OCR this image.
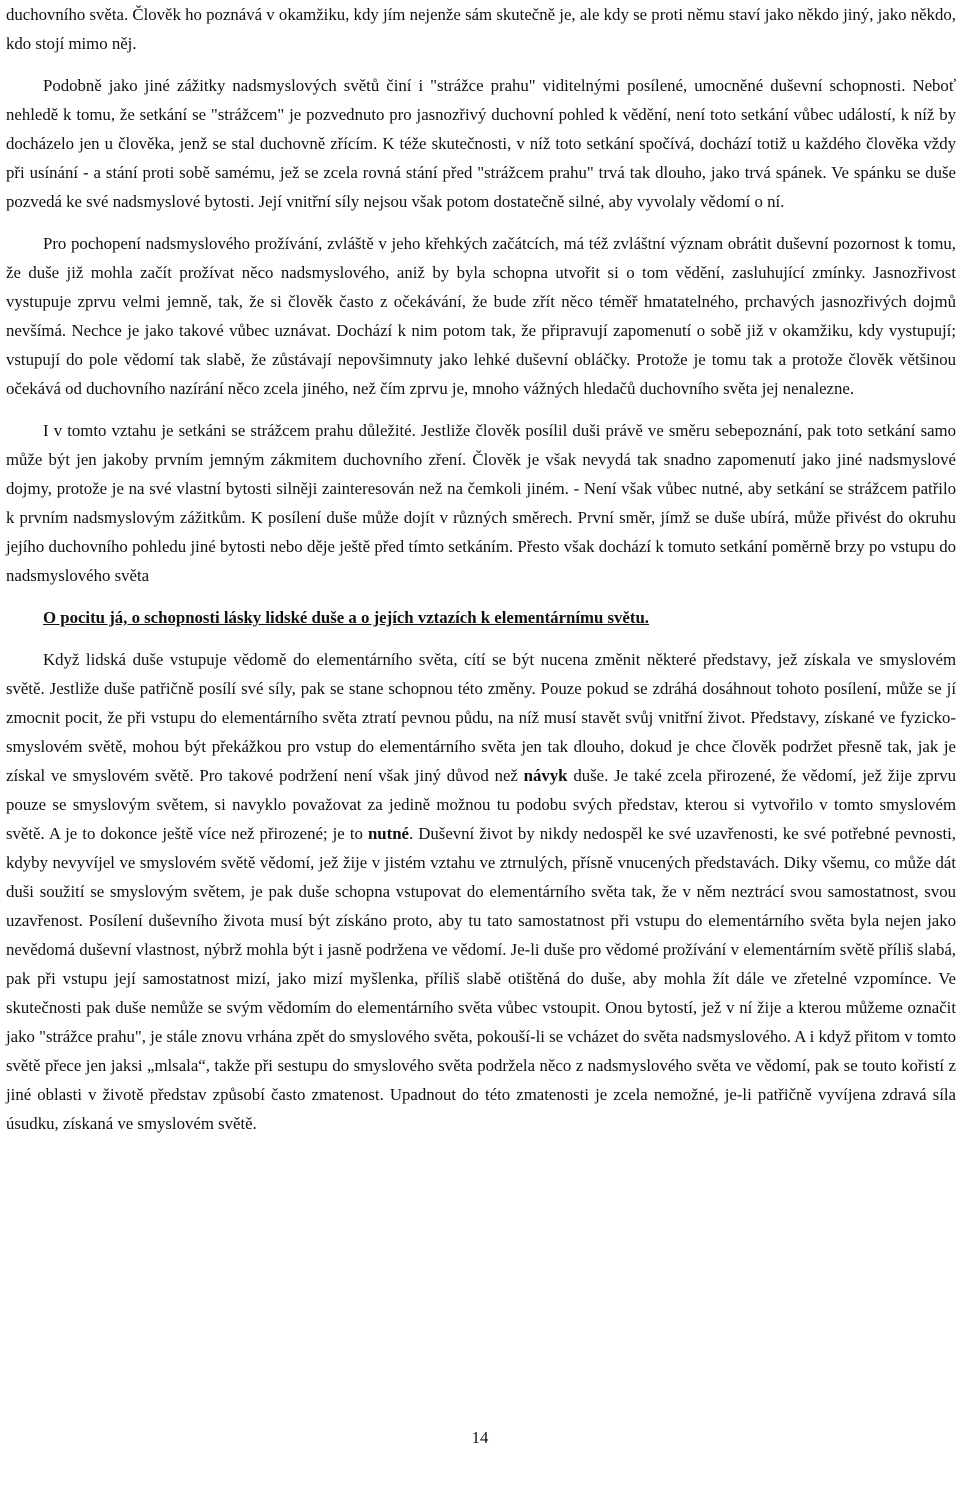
duchovního světa. Člověk ho poznává v okamžiku, kdy jím nejenže sám skutečně je, ale kdy se proti němu staví jako někdo jiný, jako někdo, kdo stojí mimo něj.

Podobně jako jiné zážitky nadsmyslových světů činí i "strážce prahu" viditelnými posílené, umocněné duševní schopnosti. Neboť nehledě k tomu, že setkání se "strážcem" je pozvednuto pro jasnozřivý duchovní pohled k vědění, není toto setkání vůbec událostí, k níž by docházelo jen u člověka, jenž se stal duchovně zřícím. K téže skutečnosti, v níž toto setkání spočívá, dochází totiž u každého člověka vždy při usínání - a stání proti sobě samému, jež se zcela rovná stání před "strážcem prahu" trvá tak dlouho, jako trvá spánek. Ve spánku se duše pozvedá ke své nadsmyslové bytosti. Její vnitřní síly nejsou však potom dostatečně silné, aby vyvolaly vědomí o ní.

Pro pochopení nadsmyslového prožívání, zvláště v jeho křehkých začátcích, má též zvláštní význam obrátit duševní pozornost k tomu, že duše již mohla začít prožívat něco nadsmyslového, aniž by byla schopna utvořit si o tom vědění, zasluhující zmínky. Jasnozřivost vystupuje zprvu velmi jemně, tak, že si člověk často z očekávání, že bude zřít něco téměř hmatatelného, prchavých jasnozřivých dojmů nevšímá. Nechce je jako takové vůbec uznávat. Dochází k nim potom tak, že připravují zapomenutí o sobě již v okamžiku, kdy vystupují; vstupují do pole vědomí tak slabě, že zůstávají nepovšimnuty jako lehké duševní obláčky. Protože je tomu tak a protože člověk většinou očekává od duchovního nazírání něco zcela jiného, než čím zprvu je, mnoho vážných hledačů duchovního světa jej nenalezne.

I v tomto vztahu je setkáni se strážcem prahu důležité. Jestliže člověk posílil duši právě ve směru sebepoznání, pak toto setkání samo může být jen jakoby prvním jemným zákmitem duchovního zření. Člověk je však nevydá tak snadno zapomenutí jako jiné nadsmyslové dojmy, protože je na své vlastní bytosti silněji zainteresován než na čemkoli jiném. - Není však vůbec nutné, aby setkání se strážcem patřilo k prvním nadsmyslovým zážitkům. K posílení duše může dojít v různých směrech. První směr, jímž se duše ubírá, může přivést do okruhu jejího duchovního pohledu jiné bytosti nebo děje ještě před tímto setkáním. Přesto však dochází k tomuto setkání poměrně brzy po vstupu do nadsmyslového světa

O pocitu já, o schopnosti lásky lidské duše a o jejích vztazích k elementárnímu světu.

Když lidská duše vstupuje vědomě do elementárního světa, cítí se být nucena změnit některé představy, jež získala ve smyslovém světě. Jestliže duše patřičně posílí své síly, pak se stane schopnou této změny. Pouze pokud se zdráhá dosáhnout tohoto posílení, může se jí zmocnit pocit, že při vstupu do elementárního světa ztratí pevnou půdu, na níž musí stavět svůj vnitřní život. Představy, získané ve fyzicko-smyslovém světě, mohou být překážkou pro vstup do elementárního světa jen tak dlouho, dokud je chce člověk podržet přesně tak, jak je získal ve smyslovém světě. Pro takové podržení není však jiný důvod než návyk duše. Je také zcela přirozené, že vědomí, jež žije zprvu pouze se smyslovým světem, si navyklo považovat za jedině možnou tu podobu svých představ, kterou si vytvořilo v tomto smyslovém světě. A je to dokonce ještě více než přirozené; je to nutné. Duševní život by nikdy nedospěl ke své uzavřenosti, ke své potřebné pevnosti, kdyby nevyvíjel ve smyslovém světě vědomí, jež žije v jistém vztahu ve ztrnulých, přísně vnucených představách. Diky všemu, co může dát duši soužití se smyslovým světem, je pak duše schopna vstupovat do elementárního světa tak, že v něm neztrácí svou samostatnost, svou uzavřenost. Posílení duševního života musí být získáno proto, aby tu tato samostatnost při vstupu do elementárního světa byla nejen jako nevědomá duševní vlastnost, nýbrž mohla být i jasně podržena ve vědomí. Je-li duše pro vědomé prožívání v elementárním světě příliš slabá, pak při vstupu její samostatnost mizí, jako mizí myšlenka, příliš slabě otištěná do duše, aby mohla žít dále ve zřetelné vzpomínce. Ve skutečnosti pak duše nemůže se svým vědomím do elementárního světa vůbec vstoupit. Onou bytostí, jež v ní žije a kterou můžeme označit jako "strážce prahu", je stále znovu vrhána zpět do smyslového světa, pokouší-li se vcházet do světa nadsmyslového. A i když přitom v tomto světě přece jen jaksi „mlsala“, takže při sestupu do smyslového světa podržela něco z nadsmyslového světa ve vědomí, pak se touto kořistí z jiné oblasti v životě představ způsobí často zmatenost. Upadnout do této zmatenosti je zcela nemožné, je-li patřičně vyvíjena zdravá síla úsudku, získaná ve smyslovém světě.

14
